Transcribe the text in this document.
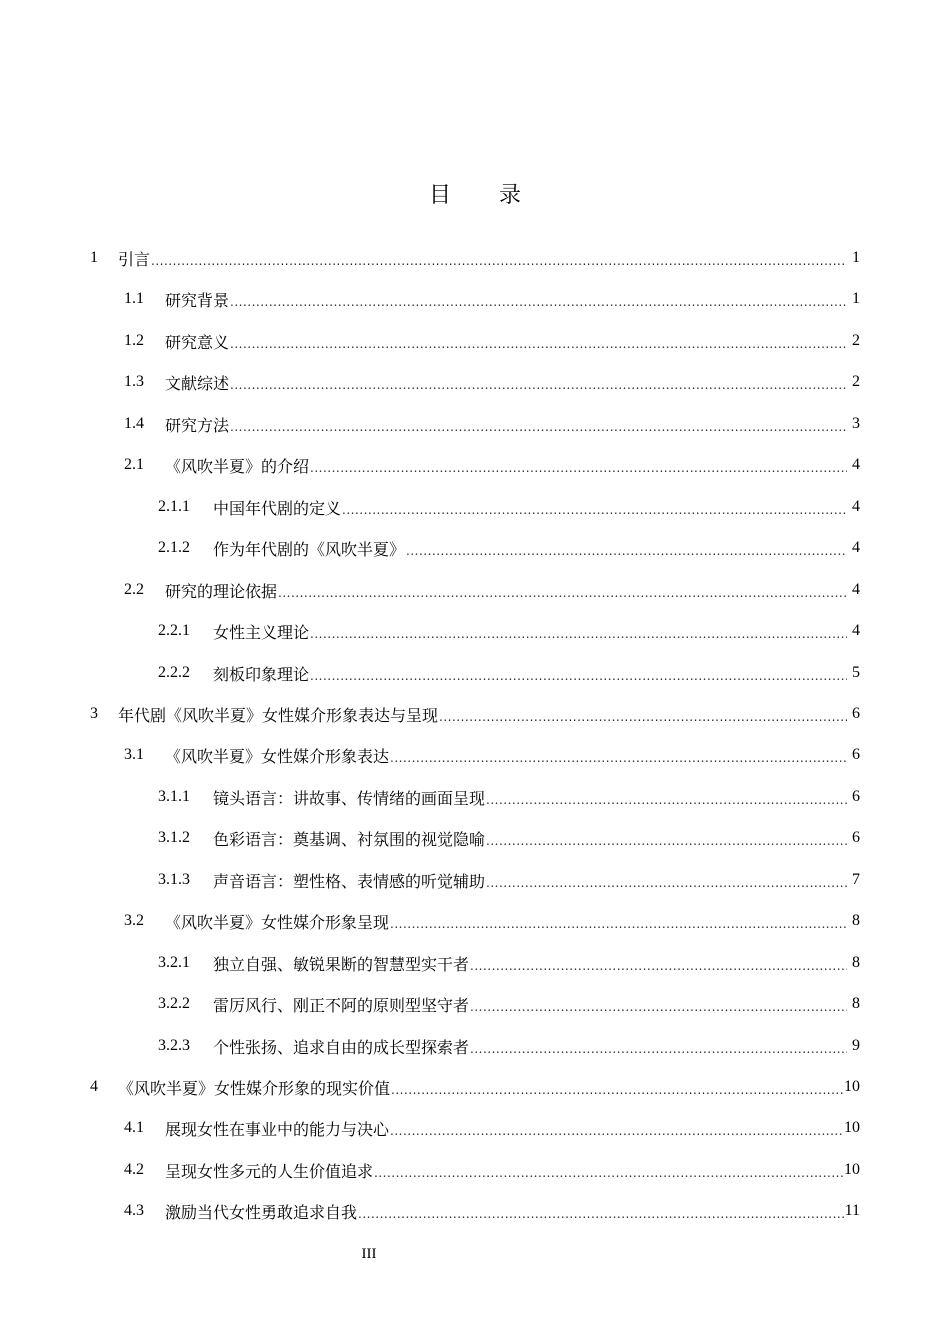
目 录
1	引言 .....	1
1.1	研究背景 .....	1
1.2	研究意义 .....	2
1.3	文献综述 .....	2
1.4	研究方法 .....	3
2.1	《风吹半夏》的介绍 .....	4
2.1.1	中国年代剧的定义 .....	4
2.1.2	作为年代剧的《风吹半夏》 .....	4
2.2	研究的理论依据 .....	4
2.2.1	女性主义理论 .....	4
2.2.2	刻板印象理论 .....	5
3	年代剧《风吹半夏》女性媒介形象表达与呈现 .....	6
3.1	《风吹半夏》女性媒介形象表达 .....	6
3.1.1	镜头语言：讲故事、传情绪的画面呈现 .....	6
3.1.2	色彩语言：奠基调、衬氛围的视觉隐喻 .....	6
3.1.3	声音语言：塑性格、表情感的听觉辅助 .....	7
3.2	《风吹半夏》女性媒介形象呈现 .....	8
3.2.1	独立自强、敏锐果断的智慧型实干者 .....	8
3.2.2	雷厉风行、刚正不阿的原则型坚守者 .....	8
3.2.3	个性张扬、追求自由的成长型探索者 .....	9
4	《风吹半夏》女性媒介形象的现实价值 .....	10
4.1	展现女性在事业中的能力与决心 .....	10
4.2	呈现女性多元的人生价值追求 .....	10
4.3	激励当代女性勇敢追求自我 .....	11
III
